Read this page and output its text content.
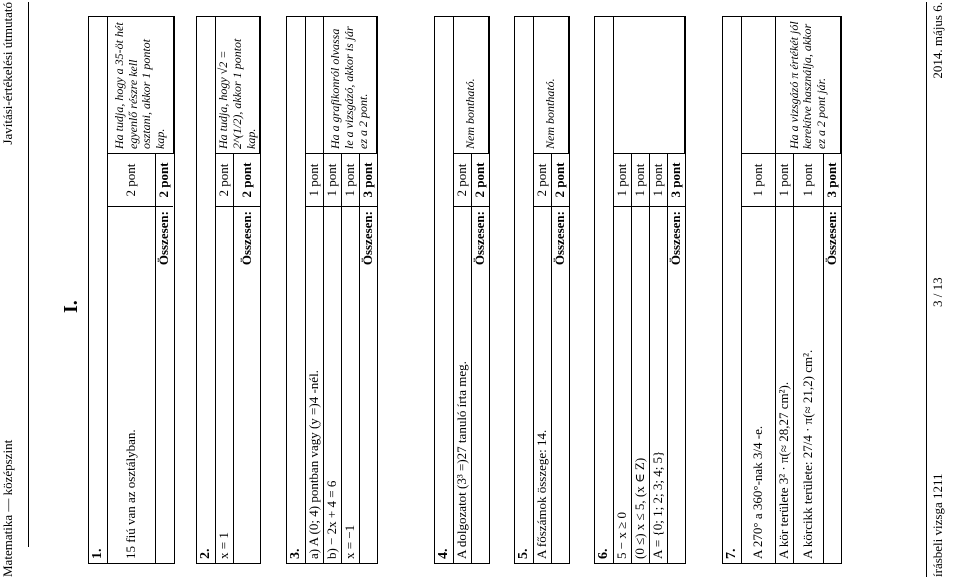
Matematika — középszint
Javítási-értékelési útmutató
I.
1.		
15 fiú van az osztályban.	2 pont	Ha tudja, hogy a 35-öt hét egyenlő részre kell osztani, akkor 1 pontot kap.
Összesen:	2 pont	
2.		
x = 1	2 pont	Ha tudja, hogy √2 = 2^(1/2), akkor 1 pontot kap.
Összesen:	2 pont	
3.		
a) A (0; 4) pontban vagy (y =)4 -nél.	1 pont	
b) − 2x + 4 = 6	1 pont	Ha a grafikonról olvassa le a vizsgázó, akkor is jár ez a 2 pont.
x = −1	1 pont	
Összesen:	3 pont	
4.		
A dolgozatot (3³ =)27 tanuló írta meg.	2 pont	Nem bontható.
Összesen:	2 pont	
5.		
A főszámok összege: 14.	2 pont	Nem bontható.
Összesen:	2 pont	
6.		
5 − x ≥ 0	1 pont	
(0 ≤) x ≤ 5, (x ∈ Z)	1 pont	
A = {0; 1; 2; 3; 4; 5}	1 pont	
Összesen:	3 pont	
7.		
A 270° a 360°-nak 3/4 -e.	1 pont	
A kör területe 3² · π(≈ 28,27 cm²).	1 pont	Ha a vizsgázó π értékét jól kerekítve használja, akkor ez a 2 pont jár.
A körcikk területe: 27/4 · π(≈ 21,2) cm².	1 pont	
Összesen:	3 pont	
írásbeli vizsga 1211
3 / 13
2014. május 6.
